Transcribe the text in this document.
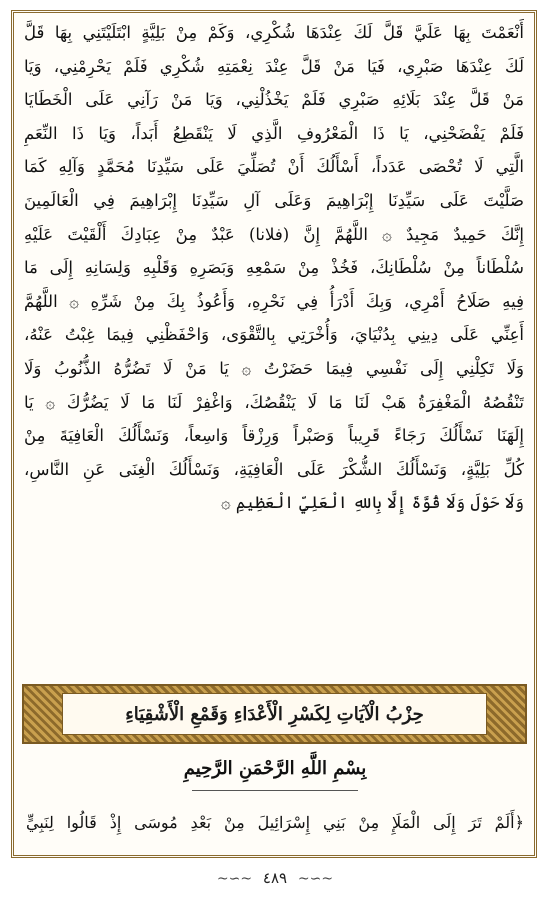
أَنْعَمْتَ بِهَا عَلَيَّ قَلَّ لَكَ عِنْدَهَا شُكْرِي، وَكَمْ مِنْ بَلِيَّةٍ ابْتَلَيْتَنِي بِهَا قَلَّ
لَكَ عِنْدَهَا صَبْرِي، فَيَا مَنْ قَلَّ عِنْدَ نِعْمَتِهِ شُكْرِي فَلَمْ يَحْرِمْنِي، وَيَا
مَنْ قَلَّ عِنْدَ بَلَائِهِ صَبْرِي فَلَمْ يَخْذُلْنِي، وَيَا مَنْ رَآنِي عَلَى الْخَطَايَا
فَلَمْ يَفْضَحْنِي، يَا ذَا الْمَعْرُوفِ الَّذِي لَا يَنْقَطِعُ أَبَداً، وَيَا ذَا النِّعَمِ
الَّتِي لَا تُحْصَى عَدَداً، أَسْأَلُكَ أَنْ تُصَلِّيَ عَلَى سَيِّدِنَا مُحَمَّدٍ وَآلِهِ كَمَا
صَلَّيْتَ عَلَى سَيِّدِنَا إِبْرَاهِيمَ وَعَلَى آلِ سَيِّدِنَا إِبْرَاهِيمَ فِي الْعَالَمِينَ
إِنَّكَ حَمِيدٌ مَجِيدٌ ۞ اللَّهُمَّ إِنَّ (فلانا) عَبْدٌ مِنْ عِبَادِكَ أَلْقَيْتَ عَلَيْهِ
سُلْطَاناً مِنْ سُلْطَانِكَ، فَخُذْ مِنْ سَمْعِهِ وَبَصَرِهِ وَقَلْبِهِ وَلِسَانِهِ إِلَى مَا
فِيهِ صَلَاحُ أَمْرِي، وَبِكَ أَدْرَأُ فِي نَحْرِهِ، وَأَعُوذُ بِكَ مِنْ شَرِّهِ ۞ اللَّهُمَّ
أَعِنِّي عَلَى دِينِي بِدُنْيَايَ، وَأُخْرَتِي بِالتَّقْوَى، وَاحْفَظْنِي فِيمَا غِبْتُ عَنْهُ،
وَلَا تَكِلْنِي إِلَى نَفْسِي فِيمَا حَضَرْتُ ۞ يَا مَنْ لَا تَضُرُّهُ الذُّنُوبُ وَلَا
تَنْقُصُهُ الْمَغْفِرَةُ هَبْ لَنَا مَا لَا يَنْقُصُكَ، وَاغْفِرْ لَنَا مَا لَا يَضُرُّكَ ۞ يَا
إِلَهَنَا نَسْأَلُكَ رَجَاءً قَرِيباً وَصَبْراً وَرِزْقاً وَاسِعاً، وَنَسْأَلُكَ الْعَافِيَةَ مِنْ
كُلِّ بَلِيَّةٍ، وَنَسْأَلُكَ الشُّكْرَ عَلَى الْعَافِيَةِ، وَنَسْأَلُكَ الْغِنَى عَنِ النَّاسِ،
وَلَا حَوْلَ وَلَا قُوَّةَ إِلَّا بِاللهِ الْعَلِيِّ الْعَظِيمِ ۞
حِزْبُ الْآيَاتِ لِكَسْرِ الْأَعْدَاءِ وَقَمْعِ الْأَشْقِيَاءِ
بِسْمِ اللَّهِ الرَّحْمَنِ الرَّحِيمِ
﴿أَلَمْ تَرَ إِلَى الْمَلَإِ مِنْ بَنِي إِسْرَائِيلَ مِنْ بَعْدِ مُوسَى إِذْ قَالُوا لِنَبِيٍّ
~∽~ ٤٨٩ ~∽~
